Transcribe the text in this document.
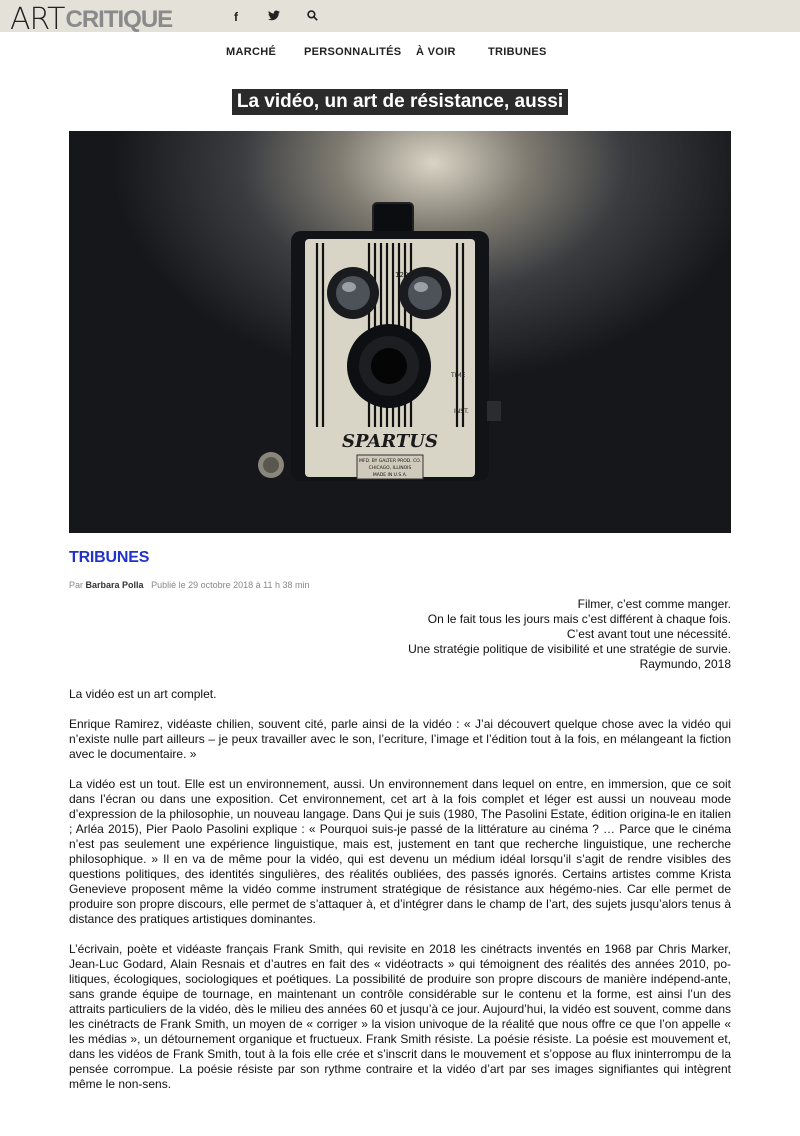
ARTCRITIQUE	f
MARCHÉ	PERSONNALITÉS À VOIR	TRIBUNES
La vidéo, un art de résistance, aussi
120
TIME
INST.
SPARTUS
MFD. BY GALTER PROD. CO.
CHICAGO, ILLINOIS
MADE IN U.S.A.
TRIBUNES
Par Barbara Polla Publié le 29 octobre 2018 à 11 h 38 min
Filmer, c’est comme manger.
On le fait tous les jours mais c’est différent à chaque fois.
C’est avant tout une nécessité.
Une stratégie politique de visibilité et une stratégie de survie.
Raymundo, 2018

La vidéo est un art complet.

Enrique Ramirez, vidéaste chilien, souvent cité, parle ainsi de la vidéo : « J’ai découvert quelque chose avec la vidéo qui n’existe nulle part ailleurs – je peux travailler avec le son, l’ecriture, l’image et l’édition tout à la fois, en mélangeant la fiction avec le documentaire. »

La vidéo est un tout. Elle est un environnement, aussi. Un environnement dans lequel on entre, en immersion, que ce soit dans l’écran ou dans une exposition. Cet environnement, cet art à la fois complet et léger est aussi un nouveau mode d’expression de la philosophie, un nouveau langage. Dans Qui je suis (1980, The Pasolini Estate, édition origina-le en italien ; Arléa 2015), Pier Paolo Pasolini explique : « Pourquoi suis-je passé de la littérature au cinéma ? … Parce que le cinéma n’est pas seulement une expérience linguistique, mais est, justement en tant que recherche linguistique, une recherche philosophique. » Il en va de même pour la vidéo, qui est devenu un médium idéal lorsqu’il s’agit de rendre visibles des questions politiques, des identités singulières, des réalités oubliées, des passés ignorés. Certains artistes comme Krista Genevieve proposent même la vidéo comme instrument stratégique de résistance aux hégémo-nies. Car elle permet de produire son propre discours, elle permet de s’attaquer à, et d’intégrer dans le champ de l’art, des sujets jusqu’alors tenus à distance des pratiques artistiques dominantes.

L’écrivain, poète et vidéaste français Frank Smith, qui revisite en 2018 les cinétracts inventés en 1968 par Chris Marker, Jean-Luc Godard, Alain Resnais et d’autres en fait des « vidéotracts » qui témoignent des réalités des années 2010, po-litiques, écologiques, sociologiques et poétiques. La possibilité de produire son propre discours de manière indépend-ante, sans grande équipe de tournage, en maintenant un contrôle considérable sur le contenu et la forme, est ainsi l’un des attraits particuliers de la vidéo, dès le milieu des années 60 et jusqu’à ce jour. Aujourd’hui, la vidéo est souvent, comme dans les cinétracts de Frank Smith, un moyen de « corriger » la vision univoque de la réalité que nous offre ce que l’on appelle « les médias », un détournement organique et fructueux. Frank Smith résiste. La poésie résiste. La poésie est mouvement et, dans les vidéos de Frank Smith, tout à la fois elle crée et s’inscrit dans le mouvement et s’oppose au flux ininterrompu de la pensée corrompue. La poésie résiste par son rythme contraire et la vidéo d’art par ses images signifiantes qui intègrent même le non-sens.
